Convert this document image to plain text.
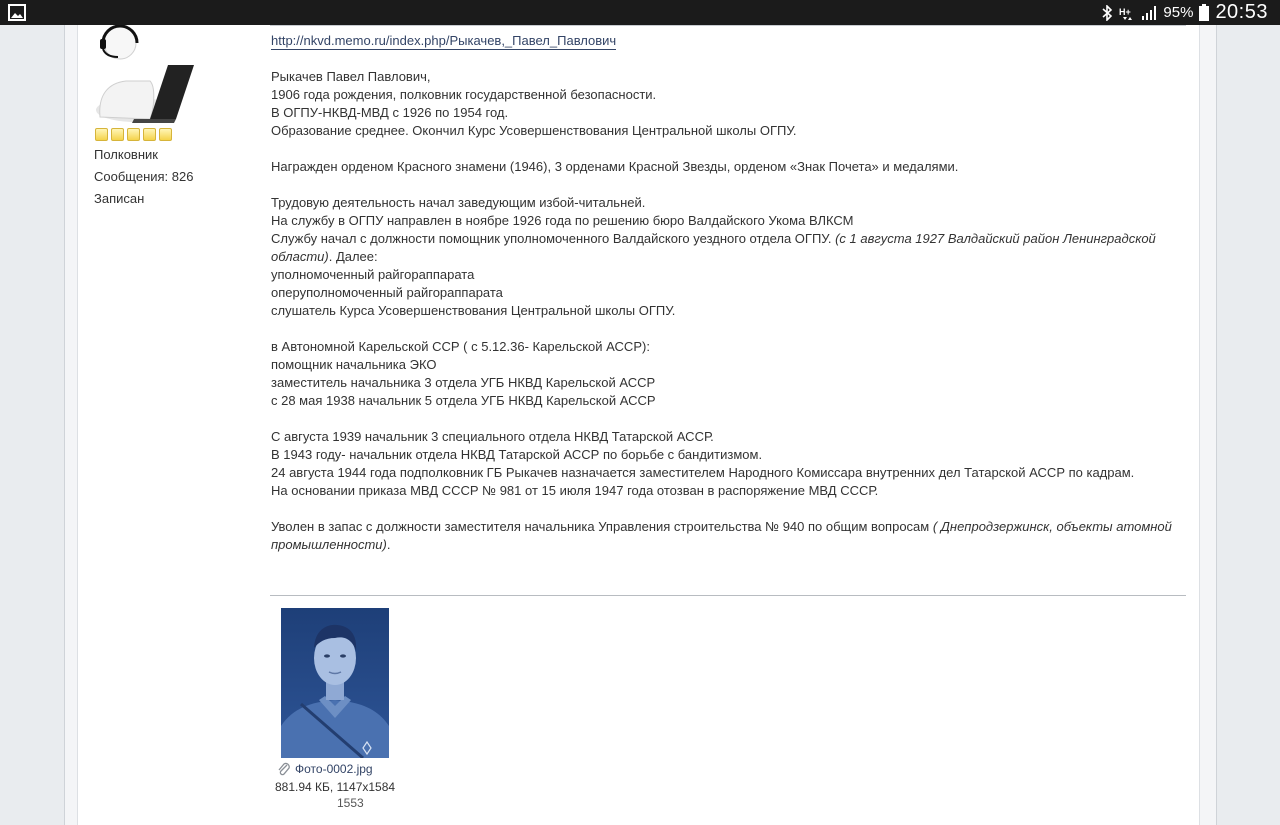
H+ 95% 20:53
Полковник
Сообщения: 826
Записан
http://nkvd.memo.ru/index.php/Рыкачев,_Павел_Павлович
Рыкачев Павел Павлович,
1906 года рождения, полковник государственной безопасности.
В ОГПУ-НКВД-МВД с 1926 по 1954 год.
Образование среднее. Окончил Курс Усовершенствования Центральной школы ОГПУ.
Награжден орденом Красного знамени (1946), 3 орденами Красной Звезды, орденом «Знак Почета» и медалями.
Трудовую деятельность начал заведующим избой-читальней.
На службу в ОГПУ направлен в ноябре 1926 года по решению бюро Валдайского Укома ВЛКСМ
Службу начал с должности помощник уполномоченного Валдайского уездного отдела ОГПУ. (с 1 августа 1927 Валдайский район Ленинградской области). Далее:
уполномоченный райгораппарата
оперуполномоченный райгораппарата
слушатель Курса Усовершенствования Центральной школы ОГПУ.
в Автономной Карельской ССР ( с 5.12.36- Карельской АССР):
помощник начальника ЭКО
заместитель начальника 3 отдела УГБ НКВД Карельской АССР
с 28 мая 1938 начальник 5 отдела УГБ НКВД Карельской АССР
С августа 1939 начальник 3 специального отдела НКВД Татарской АССР.
В 1943 году- начальник отдела НКВД Татарской АССР по борьбе с бандитизмом.
24 августа 1944 года подполковник ГБ Рыкачев назначается заместителем Народного Комиссара внутренних дел Татарской АССР по кадрам.
На основании приказа МВД СССР № 981 от 15 июля 1947 года отозван в распоряжение МВД СССР.
Уволен в запас с должности заместителя начальника Управления строительства № 940 по общим вопросам ( Днепродзержинск, объекты атомной промышленности).
Фото-0002.jpg
881.94 КБ, 1147x1584
1553
